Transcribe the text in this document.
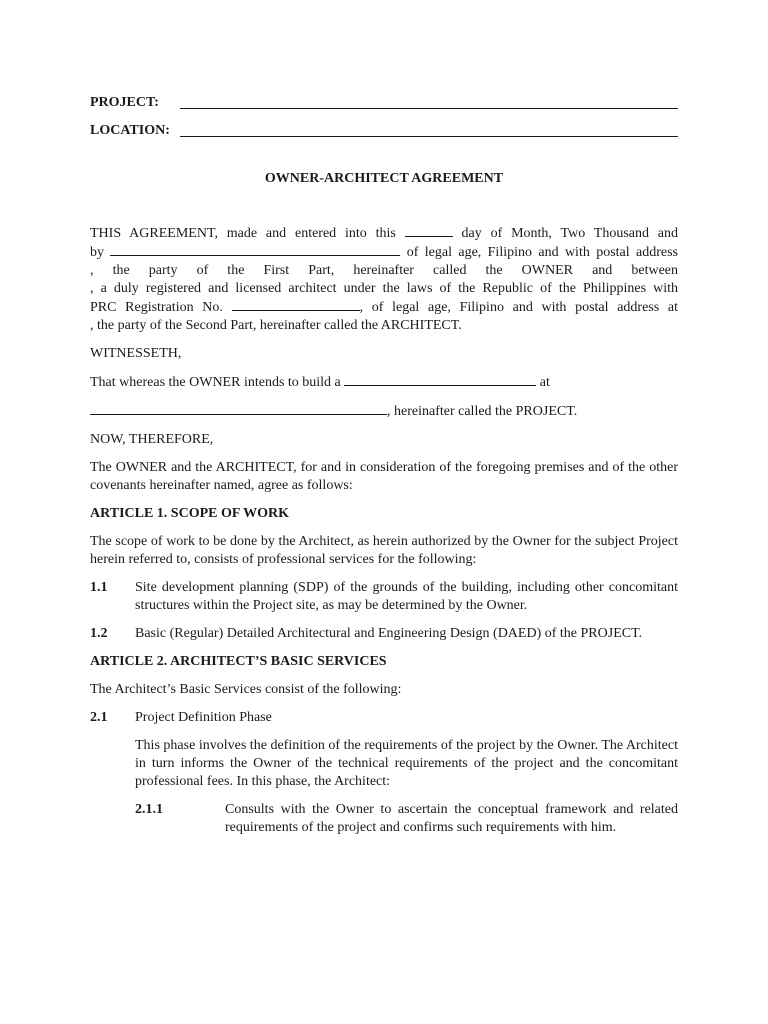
PROJECT:
LOCATION:
OWNER-ARCHITECT AGREEMENT

THIS AGREEMENT, made and entered into this	day of Month, Two Thousand and
by	of legal age, Filipino and with postal address
, the party of the First Part, hereinafter called the OWNER and between
, a duly registered and licensed architect under the laws of the Republic of the Philippines with
PRC Registration No.	, of legal age, Filipino and with postal address at
, the party of the Second Part, hereinafter called the ARCHITECT.

WITNESSETH,

That whereas the OWNER intends to build a	at
, hereinafter called the PROJECT.

NOW, THEREFORE,

The OWNER and the ARCHITECT, for and in consideration of the foregoing premises and of the other covenants hereinafter named, agree as follows:

ARTICLE 1. SCOPE OF WORK

The scope of work to be done by the Architect, as herein authorized by the Owner for the subject Project herein referred to, consists of professional services for the following:

1.1	Site development planning (SDP) of the grounds of the building, including other concomitant structures within the Project site, as may be determined by the Owner.
1.2	Basic (Regular) Detailed Architectural and Engineering Design (DAED) of the PROJECT.
ARTICLE 2. ARCHITECT’S BASIC SERVICES

The Architect’s Basic Services consist of the following:

2.1	Project Definition Phase

This phase involves the definition of the requirements of the project by the Owner. The Architect in turn informs the Owner of the technical requirements of the project and the concomitant professional fees. In this phase, the Architect:

2.1.1	Consults with the Owner to ascertain the conceptual framework and related requirements of the project and confirms such requirements with him.
